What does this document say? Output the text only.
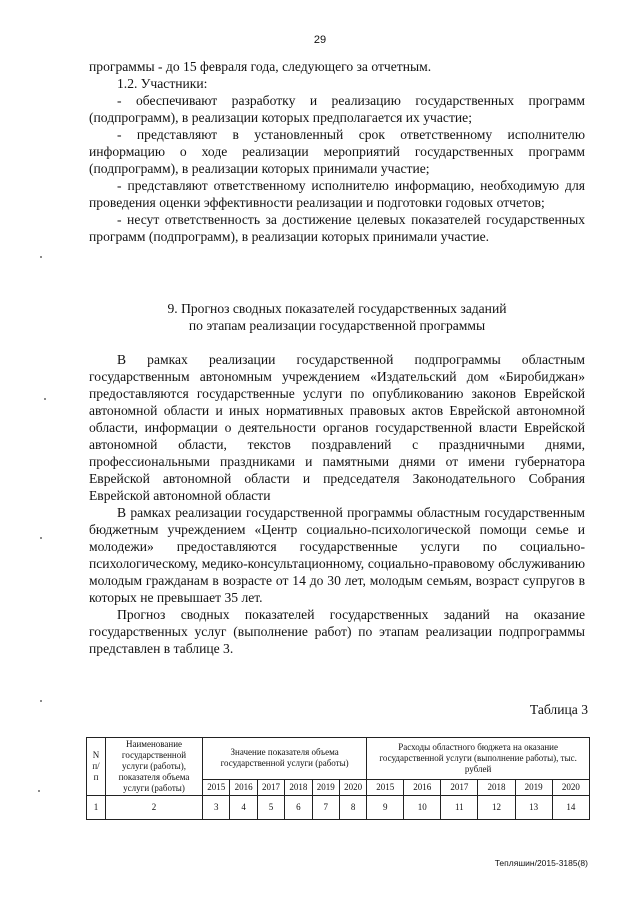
29

программы - до 15 февраля года, следующего за отчетным.

1.2. Участники:

- обеспечивают разработку и реализацию государственных программ (подпрограмм), в реализации которых предполагается их участие;

- представляют в установленный срок ответственному исполнителю информацию о ходе реализации мероприятий государственных программ (подпрограмм), в реализации которых принимали участие;

- представляют ответственному исполнителю информацию, необходимую для проведения оценки эффективности реализации и подготовки годовых отчетов;

- несут ответственность за достижение целевых показателей государственных программ (подпрограмм), в реализации которых принимали участие.

9. Прогноз сводных показателей государственных заданий
по этапам реализации государственной программы

В рамках реализации государственной подпрограммы областным государственным автономным учреждением «Издательский дом «Биробиджан» предоставляются государственные услуги по опубликованию законов Еврейской автономной области и иных нормативных правовых актов Еврейской автономной области, информации о деятельности органов государственной власти Еврейской автономной области, текстов поздравлений с праздничными днями, профессиональными праздниками и памятными днями от имени губернатора Еврейской автономной области и председателя Законодательного Собрания Еврейской автономной области

В рамках реализации государственной программы областным государственным бюджетным учреждением «Центр социально-психологической помощи семье и молодежи» предоставляются государственные услуги по социально-психологическому, медико-консультационному, социально-правовому обслуживанию молодым гражданам в возрасте от 14 до 30 лет, молодым семьям, возраст супругов в которых не превышает 35 лет.

Прогноз сводных показателей государственных заданий на оказание государственных услуг (выполнение работ) по этапам реализации подпрограммы представлен в таблице 3.

Таблица 3
N п/ п	Наименование государственной услуги (работы), показателя объема услуги (работы)	Значение показателя объема государственной услуги (работы)						Расходы областного бюджета на оказание государственной услуги (выполнение работы), тыс. рублей					
		2015	2016	2017	2018	2019	2020	2015	2016	2017	2018	2019	2020
1	2	3	4	5	6	7	8	9	10	11	12	13	14
Тепляшин/2015-3185(8)
